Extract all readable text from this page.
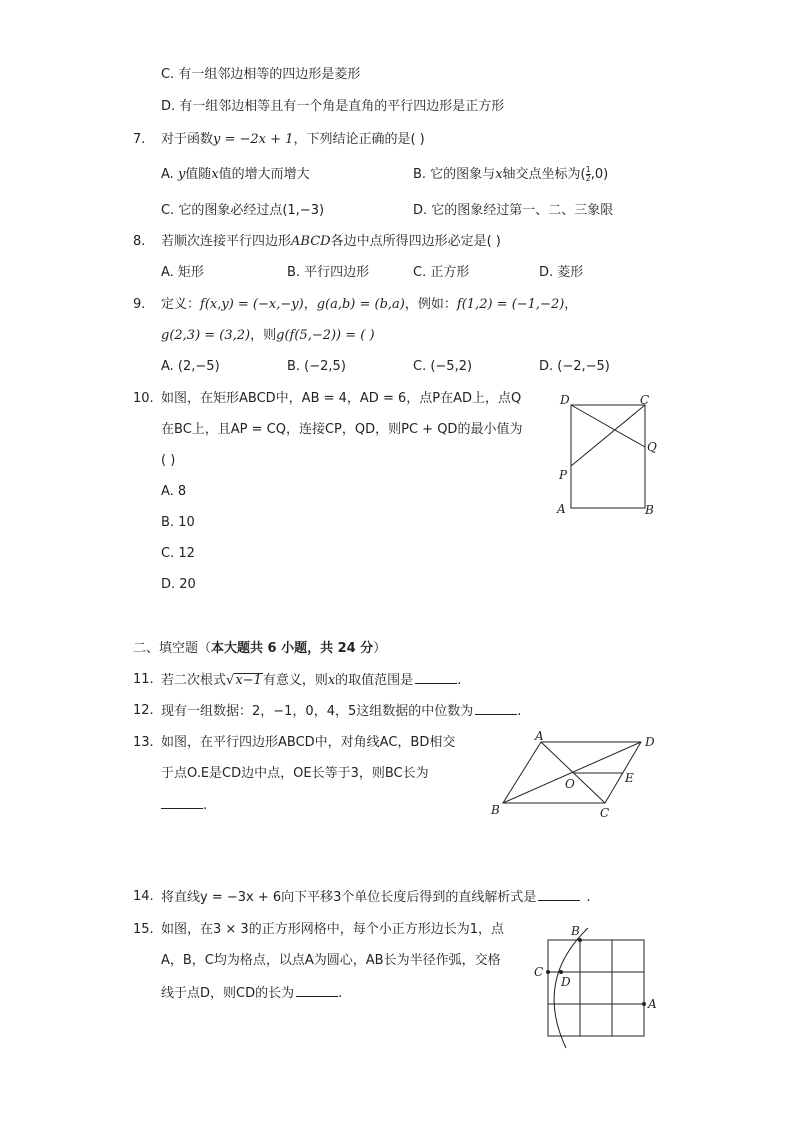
C. 有一组邻边相等的四边形是菱形
D. 有一组邻边相等且有一个角是直角的平行四边形是正方形
7. 对于函数y = −2x + 1，下列结论正确的是( )
A. y值随x值的增大而增大	B. 它的图象与x轴交点坐标为$(\frac{1}{2},0)$
C. 它的图象必经过点(1,−3)	D. 它的图象经过第一、二、三象限
8. 若顺次连接平行四边形ABCD各边中点所得四边形必定是( )
A. 矩形	B. 平行四边形	C. 正方形	D. 菱形
9. 定义：f(x,y) = (−x,−y)，g(a,b) = (b,a)，例如：f(1,2) = (−1,−2)，
g(2,3) = (3,2)，则g(f(5,−2)) = ( )
A. (2,−5)	B. (−2,5)	C. (−5,2)	D. (−2,−5)
10. 如图，在矩形ABCD中，AB = 4，AD = 6，点P在AD上，点Q
在BC上，且AP = CQ，连接CP，QD，则PC + QD的最小值为
( )
A. 8
B. 10
C. 12
D. 20
D	C
Q
P
A	B
二、填空题（本大题共 6 小题，共 24 分）
11. 若二次根式√x−1有意义，则x的取值范围是	.
12. 现有一组数据：2，−1，0，4，5这组数据的中位数为	.
13. 如图，在平行四边形ABCD中，对角线AC，BD相交
于点O.E是CD边中点，OE长等于3，则BC长为
.
A	D
O	E
B	C
14. 将直线y = −3x + 6向下平移3个单位长度后得到的直线解析式是	.
15. 如图，在3 × 3的正方形网格中，每个小正方形边长为1，点
A，B，C均为格点，以点A为圆心，AB长为半径作弧，交格
线于点D，则CD的长为	.
B
C
D
A
